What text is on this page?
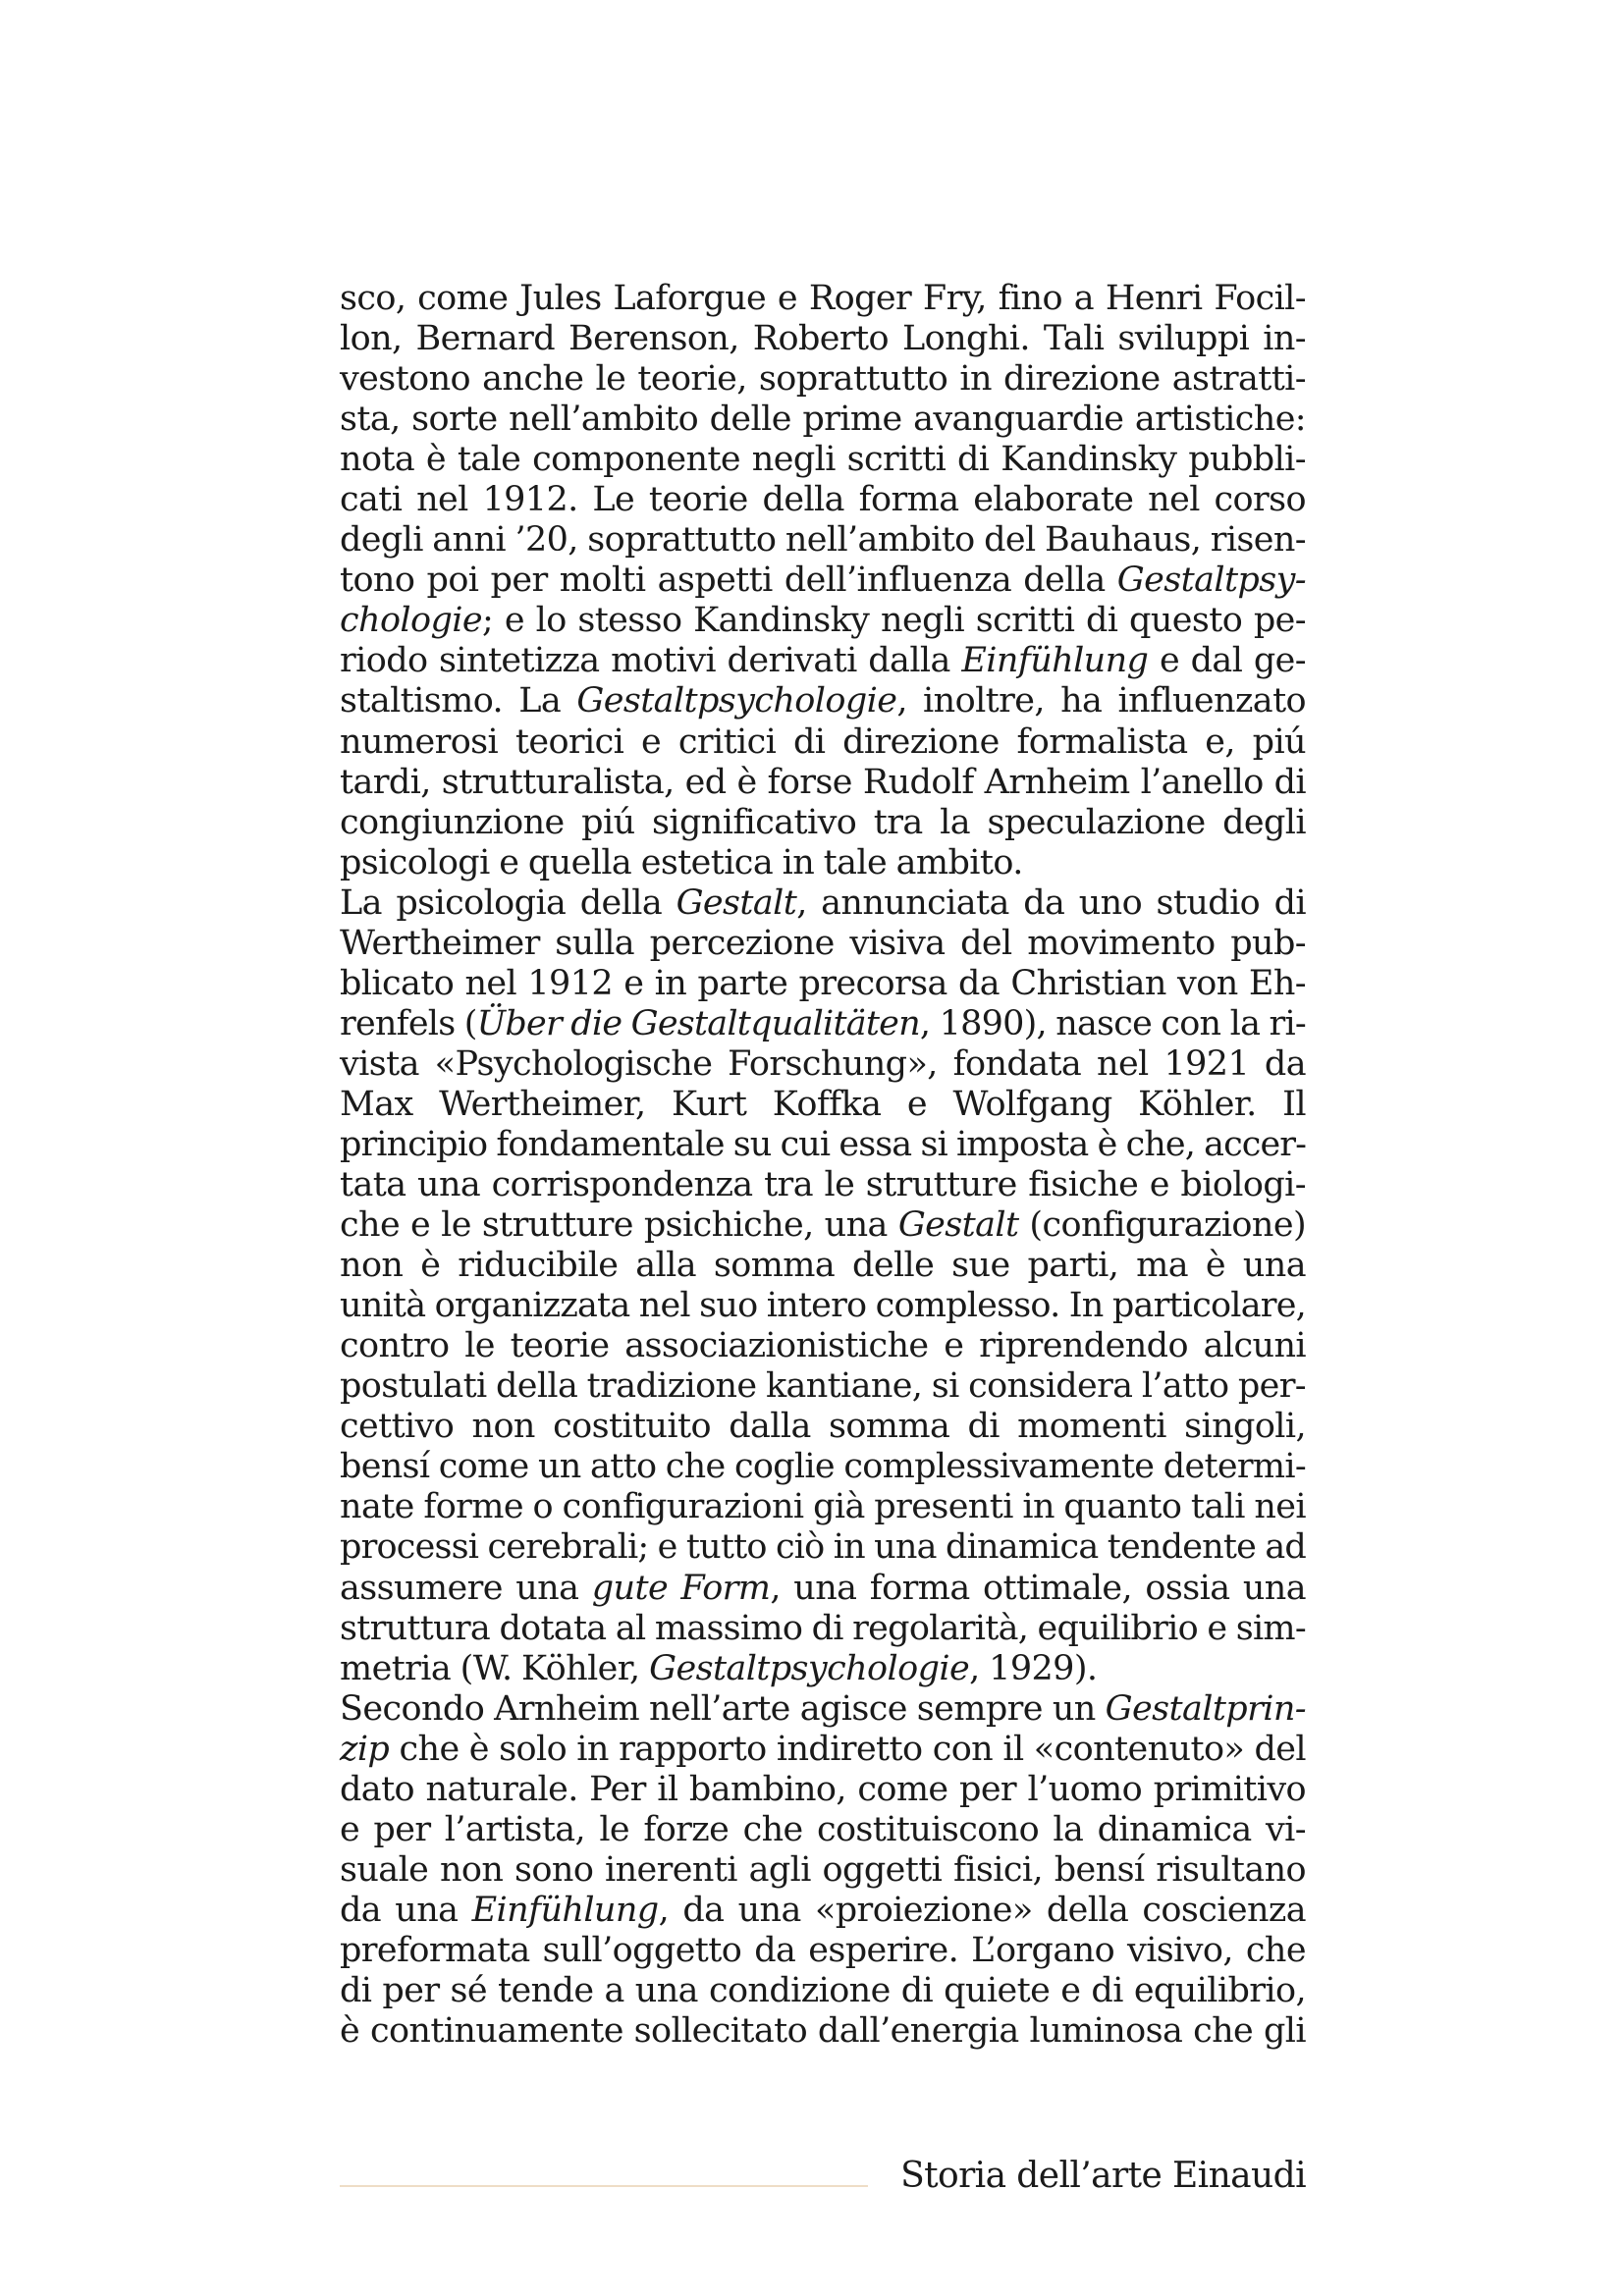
sco, come Jules Laforgue e Roger Fry, fino a Henri Focil-
lon, Bernard Berenson, Roberto Longhi. Tali sviluppi in-
vestono anche le teorie, soprattutto in direzione astratti-
sta, sorte nell’ambito delle prime avanguardie artistiche:
nota è tale componente negli scritti di Kandinsky pubbli-
cati nel 1912. Le teorie della forma elaborate nel corso
degli anni ’20, soprattutto nell’ambito del Bauhaus, risen-
tono poi per molti aspetti dell’influenza della Gestaltpsy-
chologie; e lo stesso Kandinsky negli scritti di questo pe-
riodo sintetizza motivi derivati dalla Einfühlung e dal ge-
staltismo. La Gestaltpsychologie, inoltre, ha influenzato
numerosi teorici e critici di direzione formalista e, piú
tardi, strutturalista, ed è forse Rudolf Arnheim l’anello di
congiunzione piú significativo tra la speculazione degli
psicologi e quella estetica in tale ambito.
La psicologia della Gestalt, annunciata da uno studio di
Wertheimer sulla percezione visiva del movimento pub-
blicato nel 1912 e in parte precorsa da Christian von Eh-
renfels (Über die Gestaltqualitäten, 1890), nasce con la ri-
vista «Psychologische Forschung», fondata nel 1921 da
Max Wertheimer, Kurt Koffka e Wolfgang Köhler. Il
principio fondamentale su cui essa si imposta è che, accer-
tata una corrispondenza tra le strutture fisiche e biologi-
che e le strutture psichiche, una Gestalt (configurazione)
non è riducibile alla somma delle sue parti, ma è una
unità organizzata nel suo intero complesso. In particolare,
contro le teorie associazionistiche e riprendendo alcuni
postulati della tradizione kantiane, si considera l’atto per-
cettivo non costituito dalla somma di momenti singoli,
bensí come un atto che coglie complessivamente determi-
nate forme o configurazioni già presenti in quanto tali nei
processi cerebrali; e tutto ciò in una dinamica tendente ad
assumere una gute Form, una forma ottimale, ossia una
struttura dotata al massimo di regolarità, equilibrio e sim-
metria (W. Köhler, Gestaltpsychologie, 1929).
Secondo Arnheim nell’arte agisce sempre un Gestaltprin-
zip che è solo in rapporto indiretto con il «contenuto» del
dato naturale. Per il bambino, come per l’uomo primitivo
e per l’artista, le forze che costituiscono la dinamica vi-
suale non sono inerenti agli oggetti fisici, bensí risultano
da una Einfühlung, da una «proiezione» della coscienza
preformata sull’oggetto da esperire. L’organo visivo, che
di per sé tende a una condizione di quiete e di equilibrio,
è continuamente sollecitato dall’energia luminosa che gli
Storia dell’arte Einaudi
